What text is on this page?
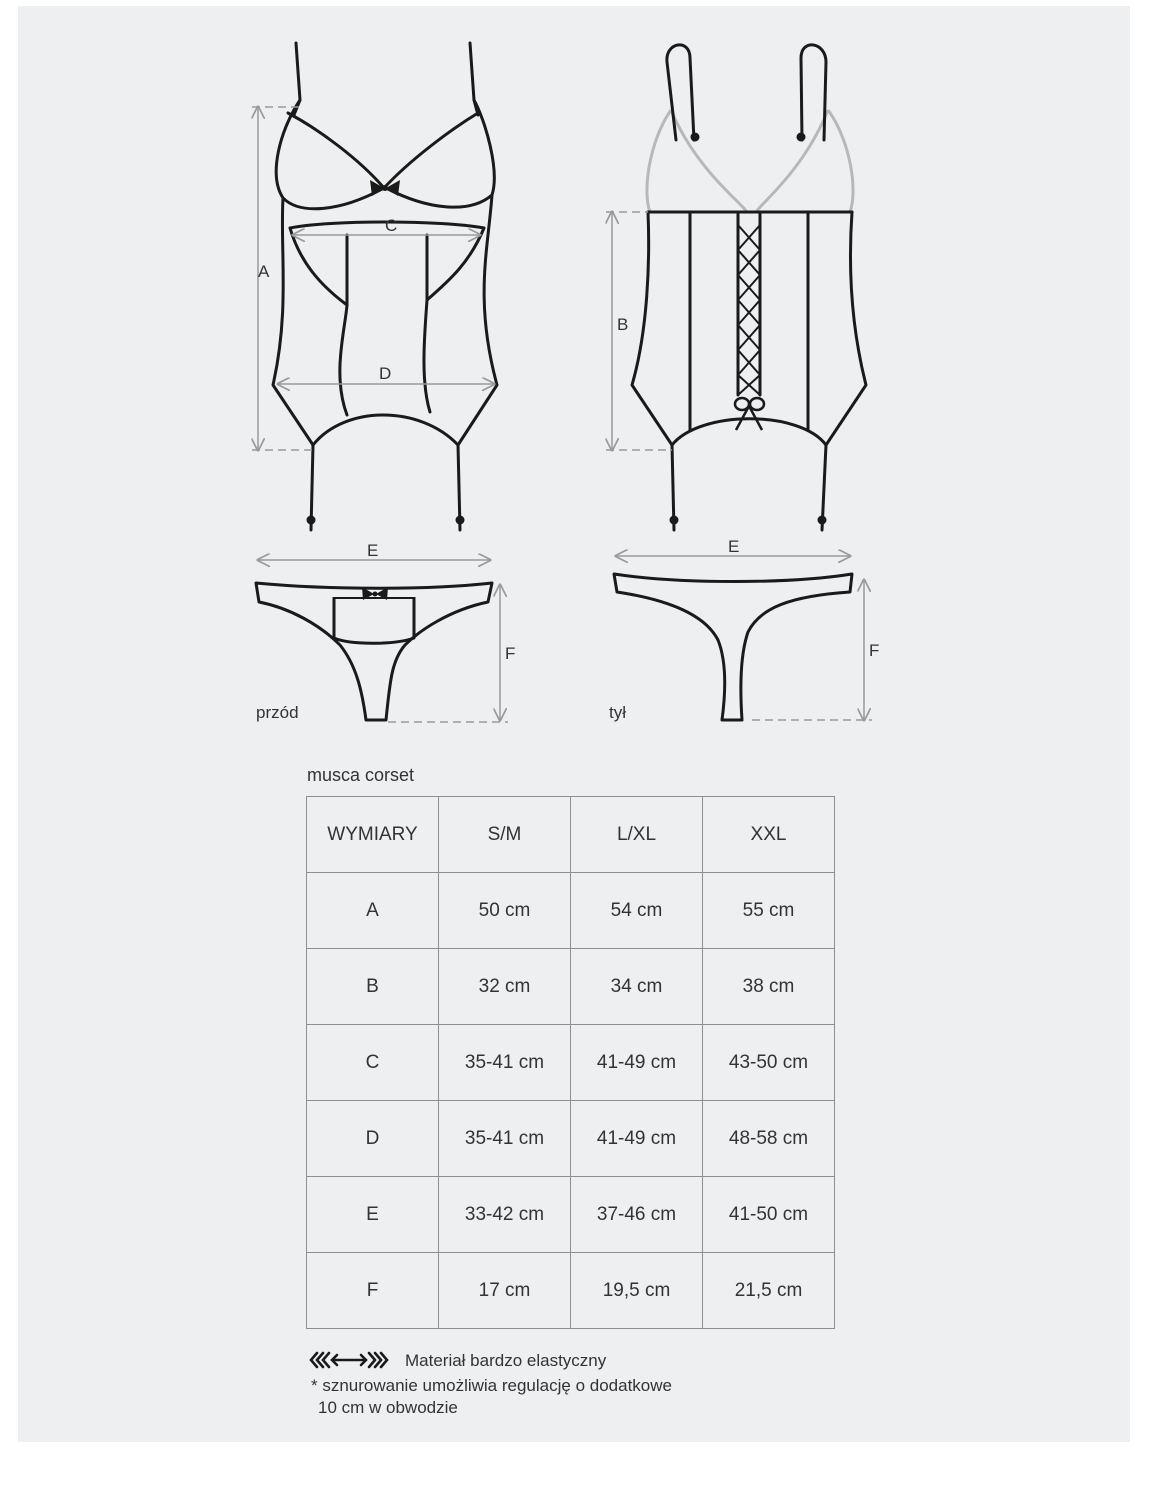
A
C
D
B
E	E
F	F
przód	tył
musca corset
WYMIARY	S/M	L/XL	XXL
A	50 cm	54 cm	55 cm
B	32 cm	34 cm	38 cm
C	35-41 cm	41-49 cm	43-50 cm
D	35-41 cm	41-49 cm	48-58 cm
E	33-42 cm	37-46 cm	41-50 cm
F	17 cm	19,5 cm	21,5 cm
Materiał bardzo elastyczny
* sznurowanie umożliwia regulację o dodatkowe
10 cm w obwodzie
